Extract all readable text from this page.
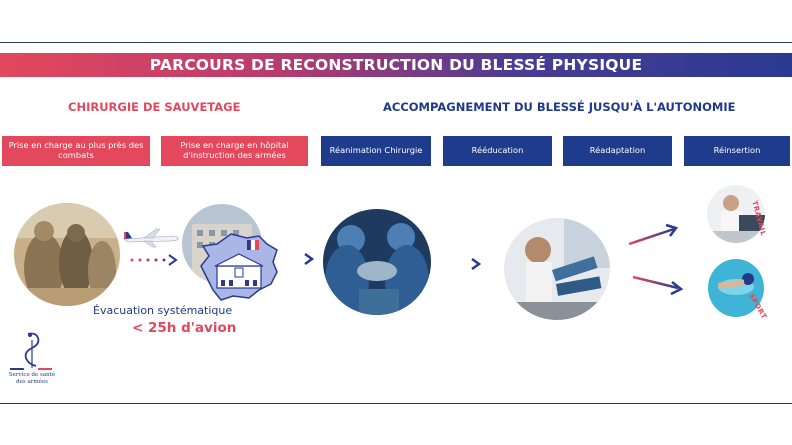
PARCOURS DE RECONSTRUCTION DU BLESSÉ PHYSIQUE
CHIRURGIE DE SAUVETAGE	ACCOMPAGNEMENT DU BLESSÉ JUSQU'À L'AUTONOMIE
Prise en charge au plus près des combats
Prise en charge en hôpital d'instruction des armées	Réanimation Chirurgie	Rééducation	Réadaptation	Réinsertion
TRAVAIL
SPORT
Évacuation systématique
< 25h d'avion
Service de santé
des armées
